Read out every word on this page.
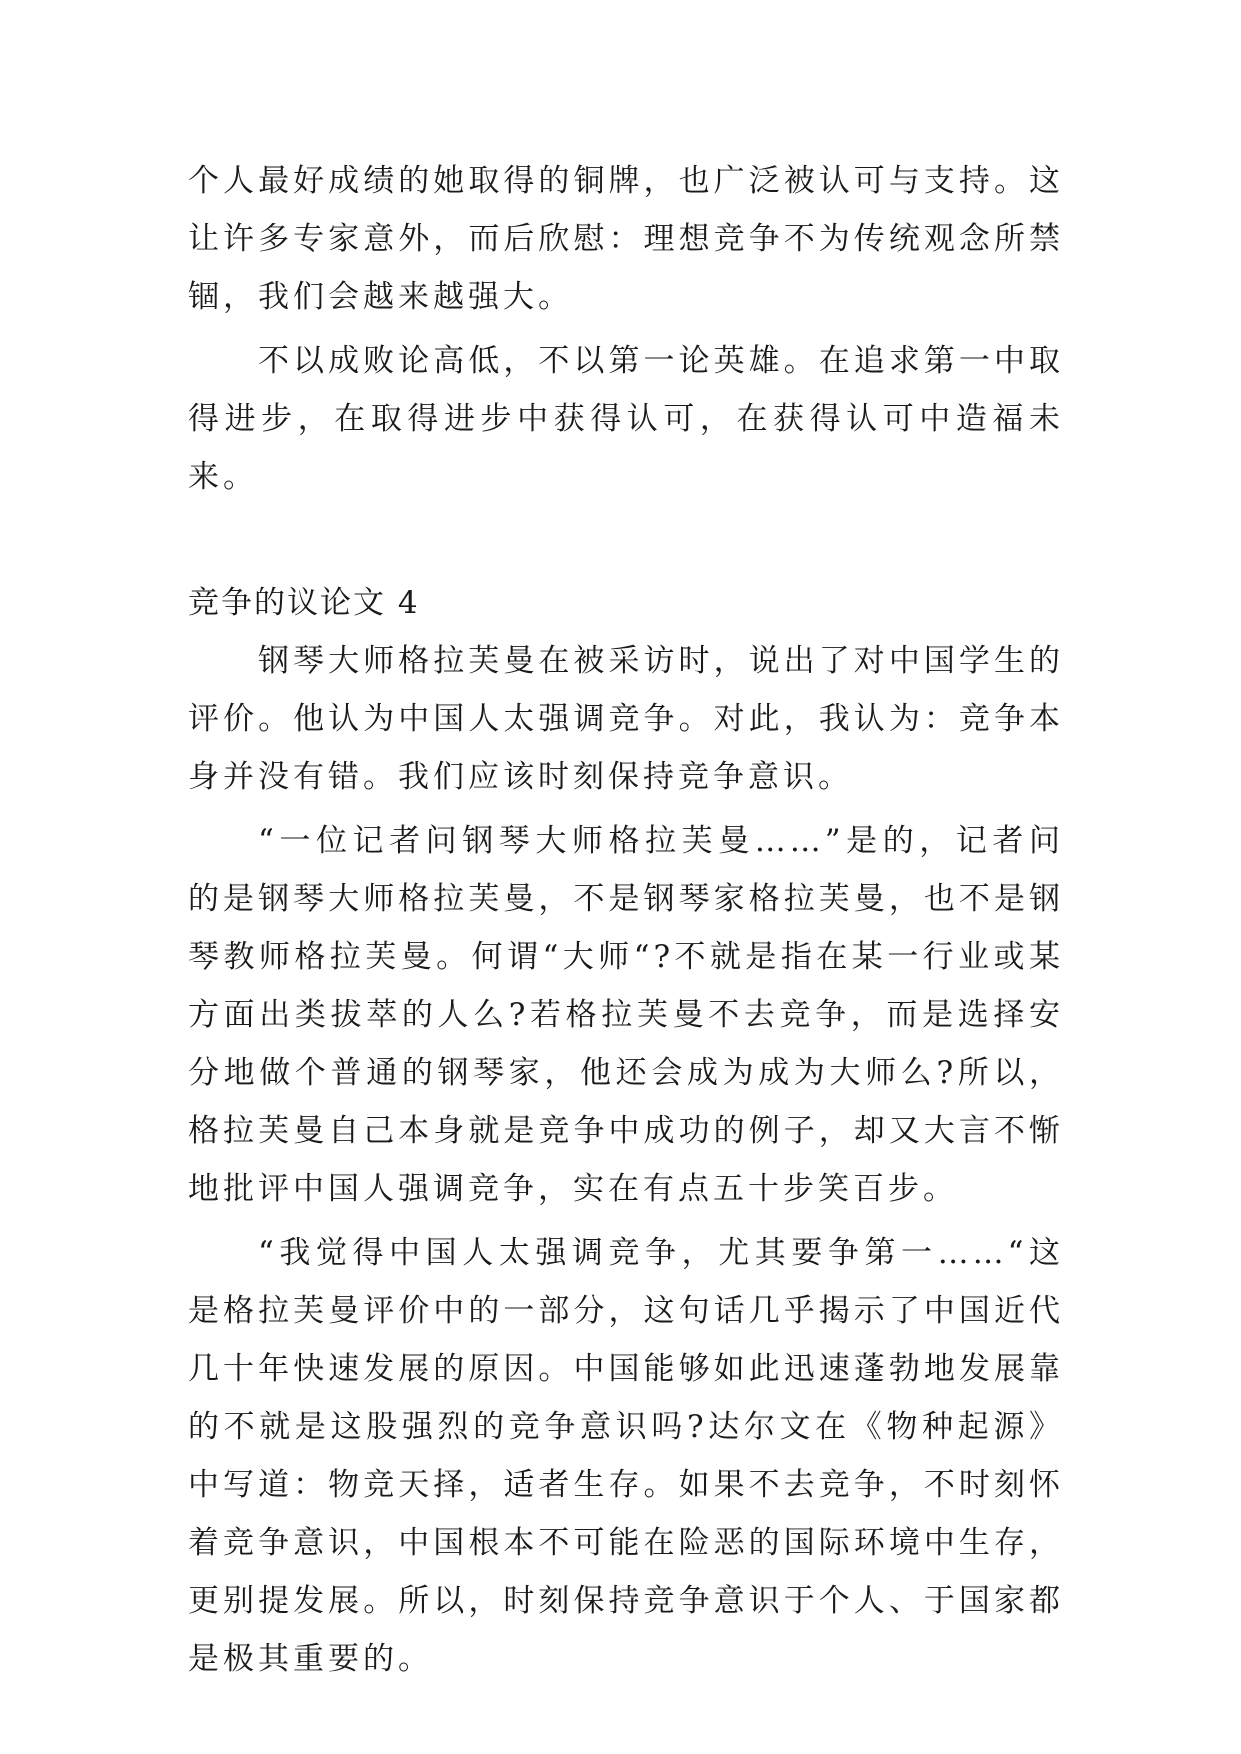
个人最好成绩的她取得的铜牌，也广泛被认可与支持。这让许多专家意外，而后欣慰：理想竞争不为传统观念所禁锢，我们会越来越强大。

不以成败论高低，不以第一论英雄。在追求第一中取得进步，在取得进步中获得认可，在获得认可中造福未来。

竞争的议论文 4

钢琴大师格拉芙曼在被采访时，说出了对中国学生的评价。他认为中国人太强调竞争。对此，我认为：竞争本身并没有错。我们应该时刻保持竞争意识。

“一位记者问钢琴大师格拉芙曼……”是的，记者问的是钢琴大师格拉芙曼，不是钢琴家格拉芙曼，也不是钢琴教师格拉芙曼。何谓“大师“?不就是指在某一行业或某方面出类拔萃的人么?若格拉芙曼不去竞争，而是选择安分地做个普通的钢琴家，他还会成为成为大师么?所以，格拉芙曼自己本身就是竞争中成功的例子，却又大言不惭地批评中国人强调竞争，实在有点五十步笑百步。

“我觉得中国人太强调竞争，尤其要争第一……“这是格拉芙曼评价中的一部分，这句话几乎揭示了中国近代几十年快速发展的原因。中国能够如此迅速蓬勃地发展靠的不就是这股强烈的竞争意识吗?达尔文在《物种起源》中写道：物竞天择，适者生存。如果不去竞争，不时刻怀着竞争意识，中国根本不可能在险恶的国际环境中生存，更别提发展。所以，时刻保持竞争意识于个人、于国家都是极其重要的。
